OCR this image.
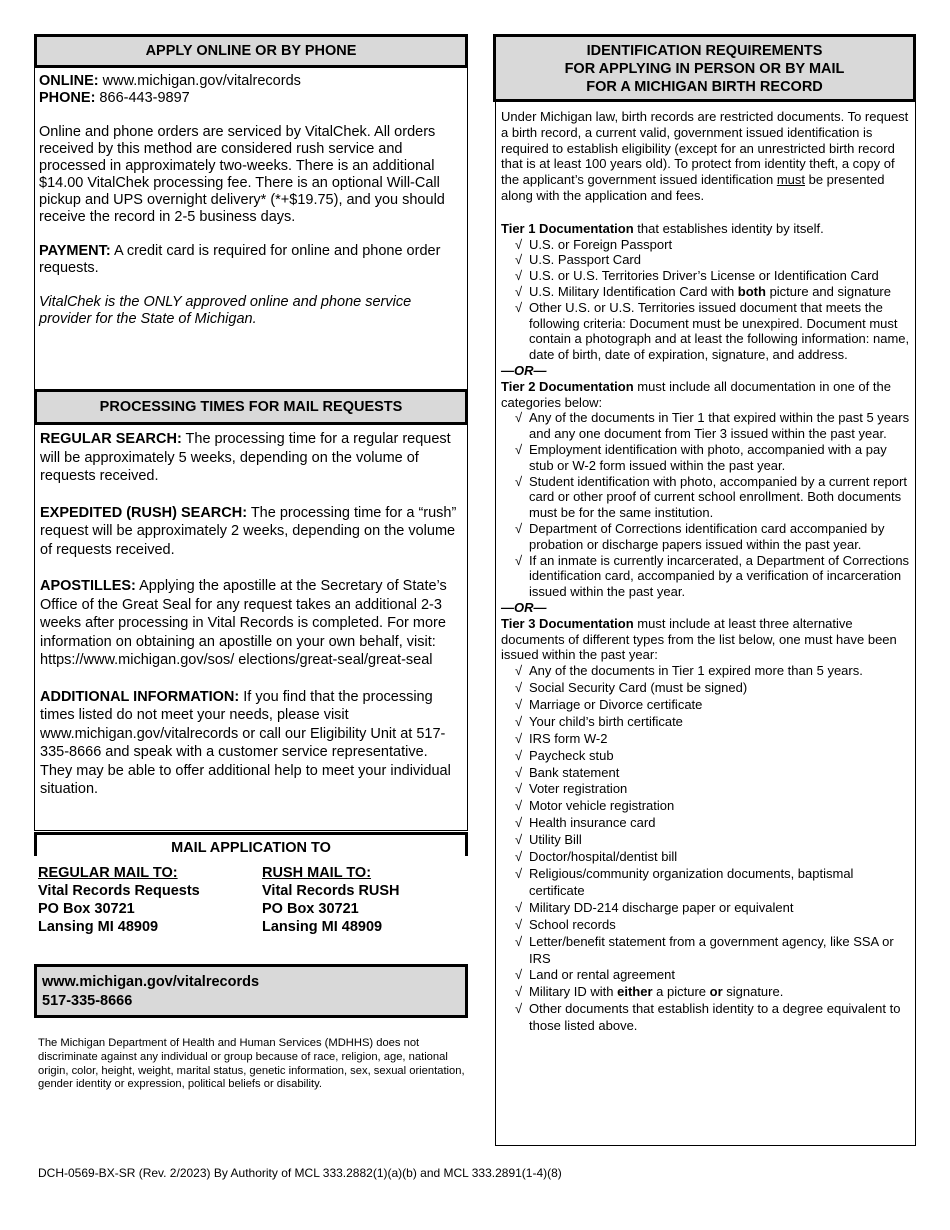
APPLY ONLINE OR BY PHONE

ONLINE: www.michigan.gov/vitalrecords

PHONE: 866-443-9897

Online and phone orders are serviced by VitalChek. All orders received by this method are considered rush service and processed in approximately two-weeks. There is an additional $14.00 VitalChek processing fee. There is an optional Will-Call pickup and UPS overnight delivery* (*+$19.75), and you should receive the record in 2-5 business days.

PAYMENT: A credit card is required for online and phone order requests.

VitalChek is the ONLY approved online and phone service provider for the State of Michigan.

PROCESSING TIMES FOR MAIL REQUESTS

REGULAR SEARCH: The processing time for a regular request will be approximately 5 weeks, depending on the volume of requests received.

EXPEDITED (RUSH) SEARCH: The processing time for a “rush” request will be approximately 2 weeks, depending on the volume of requests received.

APOSTILLES: Applying the apostille at the Secretary of State’s Office of the Great Seal for any request takes an additional 2-3 weeks after processing in Vital Records is completed. For more information on obtaining an apostille on your own behalf, visit: https://www.michigan.gov/sos/ elections/great-seal/great-seal

ADDITIONAL INFORMATION: If you find that the processing times listed do not meet your needs, please visit www.michigan.gov/vitalrecords or call our Eligibility Unit at 517-335-8666 and speak with a customer service representative. They may be able to offer additional help to meet your individual situation.

MAIL APPLICATION TO
REGULAR MAIL TO:
Vital Records Requests
PO Box 30721
Lansing MI 48909
RUSH MAIL TO:
Vital Records RUSH
PO Box 30721
Lansing MI 48909
www.michigan.gov/vitalrecords
517-335-8666
The Michigan Department of Health and Human Services (MDHHS) does not discriminate against any individual or group because of race, religion, age, national origin, color, height, weight, marital status, genetic information, sex, sexual orientation, gender identity or expression, political beliefs or disability.
IDENTIFICATION REQUIREMENTS
FOR APPLYING IN PERSON OR BY MAIL
FOR A MICHIGAN BIRTH RECORD

Under Michigan law, birth records are restricted documents. To request a birth record, a current valid, government issued identification is required to establish eligibility (except for an unrestricted birth record that is at least 100 years old). To protect from identity theft, a copy of the applicant’s government issued identification must be presented along with the application and fees.

Tier 1 Documentation that establishes identity by itself.

√ U.S. or Foreign Passport
√ U.S. Passport Card
√ U.S. or U.S. Territories Driver’s License or Identification Card
√ U.S. Military Identification Card with both picture and signature
√ Other U.S. or U.S. Territories issued document that meets the following criteria: Document must be unexpired. Document must contain a photograph and at least the following information: name, date of birth, date of expiration, signature, and address.

—OR—

Tier 2 Documentation must include all documentation in one of the categories below:

√ Any of the documents in Tier 1 that expired within the past 5 years and any one document from Tier 3 issued within the past year.
√ Employment identification with photo, accompanied with a pay stub or W-2 form issued within the past year.
√ Student identification with photo, accompanied by a current report card or other proof of current school enrollment. Both documents must be for the same institution.
√ Department of Corrections identification card accompanied by probation or discharge papers issued within the past year.
√ If an inmate is currently incarcerated, a Department of Corrections identification card, accompanied by a verification of incarceration issued within the past year.

—OR—

Tier 3 Documentation must include at least three alternative documents of different types from the list below, one must have been issued within the past year:

√ Any of the documents in Tier 1 expired more than 5 years.
√ Social Security Card (must be signed)
√ Marriage or Divorce certificate
√ Your child’s birth certificate
√ IRS form W-2
√ Paycheck stub
√ Bank statement
√ Voter registration
√ Motor vehicle registration
√ Health insurance card
√ Utility Bill
√ Doctor/hospital/dentist bill
√ Religious/community organization documents, baptismal certificate
√ Military DD-214 discharge paper or equivalent
√ School records
√ Letter/benefit statement from a government agency, like SSA or IRS
√ Land or rental agreement
√ Military ID with either a picture or signature.
√ Other documents that establish identity to a degree equivalent to those listed above.
DCH-0569-BX-SR (Rev. 2/2023) By Authority of MCL 333.2882(1)(a)(b) and MCL 333.2891(1-4)(8)
